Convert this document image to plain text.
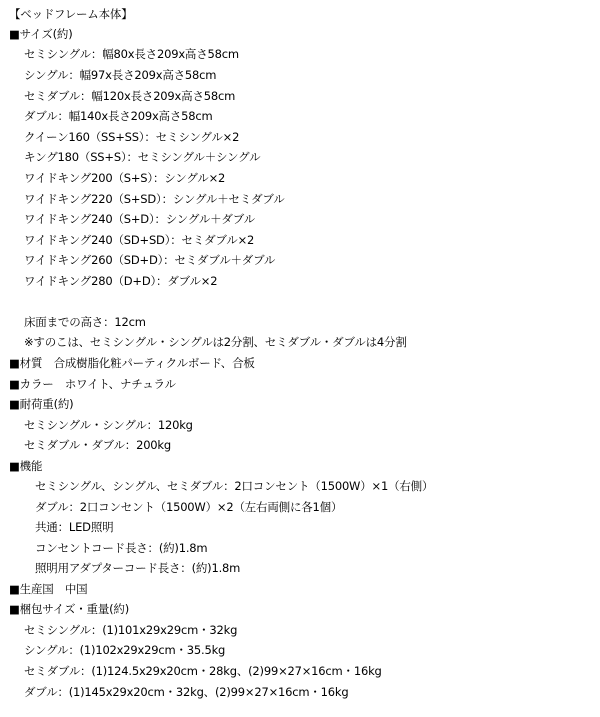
【ベッドフレーム本体】
■サイズ(約)
セミシングル：幅80x長さ209x高さ58cm
シングル：幅97x長さ209x高さ58cm
セミダブル：幅120x長さ209x高さ58cm
ダブル：幅140x長さ209x高さ58cm
クイーン160（SS+SS）：セミシングル×2
キング180（SS+S）：セミシングル＋シングル
ワイドキング200（S+S）：シングル×2
ワイドキング220（S+SD）：シングル＋セミダブル
ワイドキング240（S+D）：シングル＋ダブル
ワイドキング240（SD+SD）：セミダブル×2
ワイドキング260（SD+D）：セミダブル＋ダブル
ワイドキング280（D+D）：ダブル×2
床面までの高さ：12cm
※すのこは、セミシングル・シングルは2分割、セミダブル・ダブルは4分割
■材質　合成樹脂化粧パーティクルボード、合板
■カラー　ホワイト、ナチュラル
■耐荷重(約)
セミシングル・シングル：120kg
セミダブル・ダブル：200kg
■機能
セミシングル、シングル、セミダブル：2口コンセント（1500W）×1（右側）
ダブル：2口コンセント（1500W）×2（左右両側に各1個）
共通：LED照明
コンセントコード長さ：(約)1.8m
照明用アダプターコード長さ：(約)1.8m
■生産国　中国
■梱包サイズ・重量(約)
セミシングル：(1)101x29x29cm・32kg
シングル：(1)102x29x29cm・35.5kg
セミダブル：(1)124.5x29x20cm・28kg、(2)99×27×16cm・16kg
ダブル：(1)145x29x20cm・32kg、(2)99×27×16cm・16kg
